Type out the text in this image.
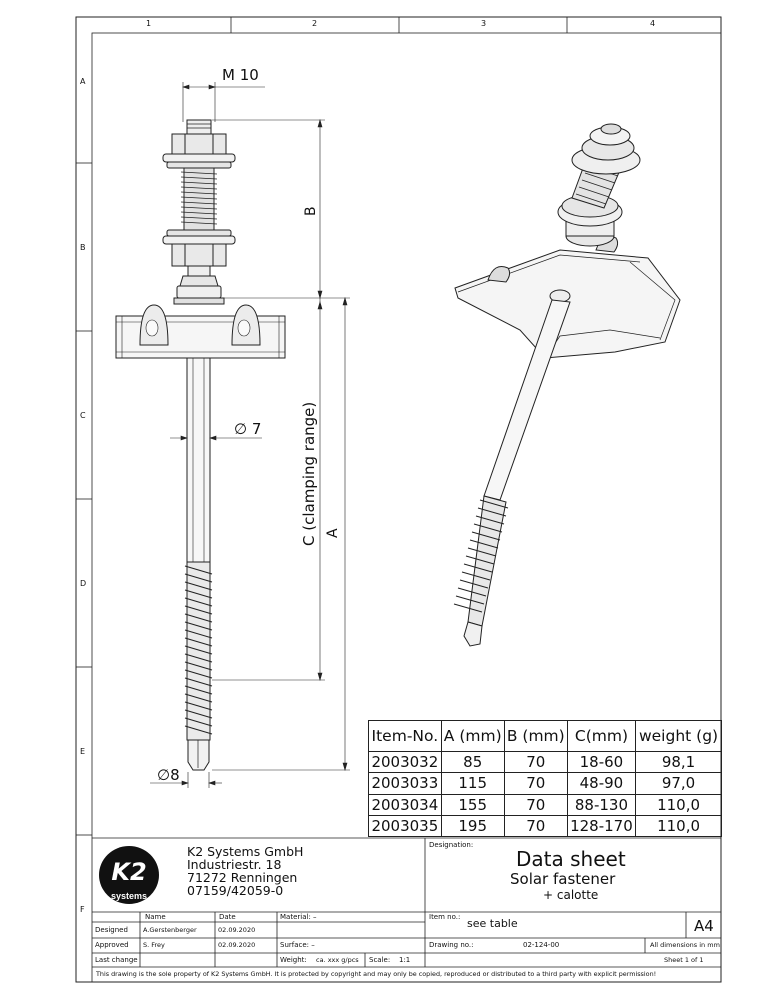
1	2	3	4
A
B
C
D
E
F
M 10
B
C (clamping range) A
∅ 7
∅8
Item-No.	A (mm)	B (mm)	C(mm)	weight (g)
2003032	85	70	18-60	98,1
2003033	115	70	48-90	97,0
2003034	155	70	88-130	110,0
2003035	195	70	128-170	110,0
K2
systems
K2 Systems GmbH
Industriestr. 18
71272 Renningen
07159/42059-0
Designation:
Data sheet
Solar fastener
+ calotte
Name	Date	Material: –	Item no.: see table	A4
Designed A.Gerstenberger	02.09.2020
Approved S. Frey	02.09.2020	Surface: –	Drawing no.:	02-124-00	All dimensions in mm
Last change	Weight: ca. xxx g/pcs Scale: 1:1	Sheet 1 of 1
This drawing is the sole property of K2 Systems GmbH. It is protected by copyright and may only be copied, reproduced or distributed to a third party with explicit permission!
